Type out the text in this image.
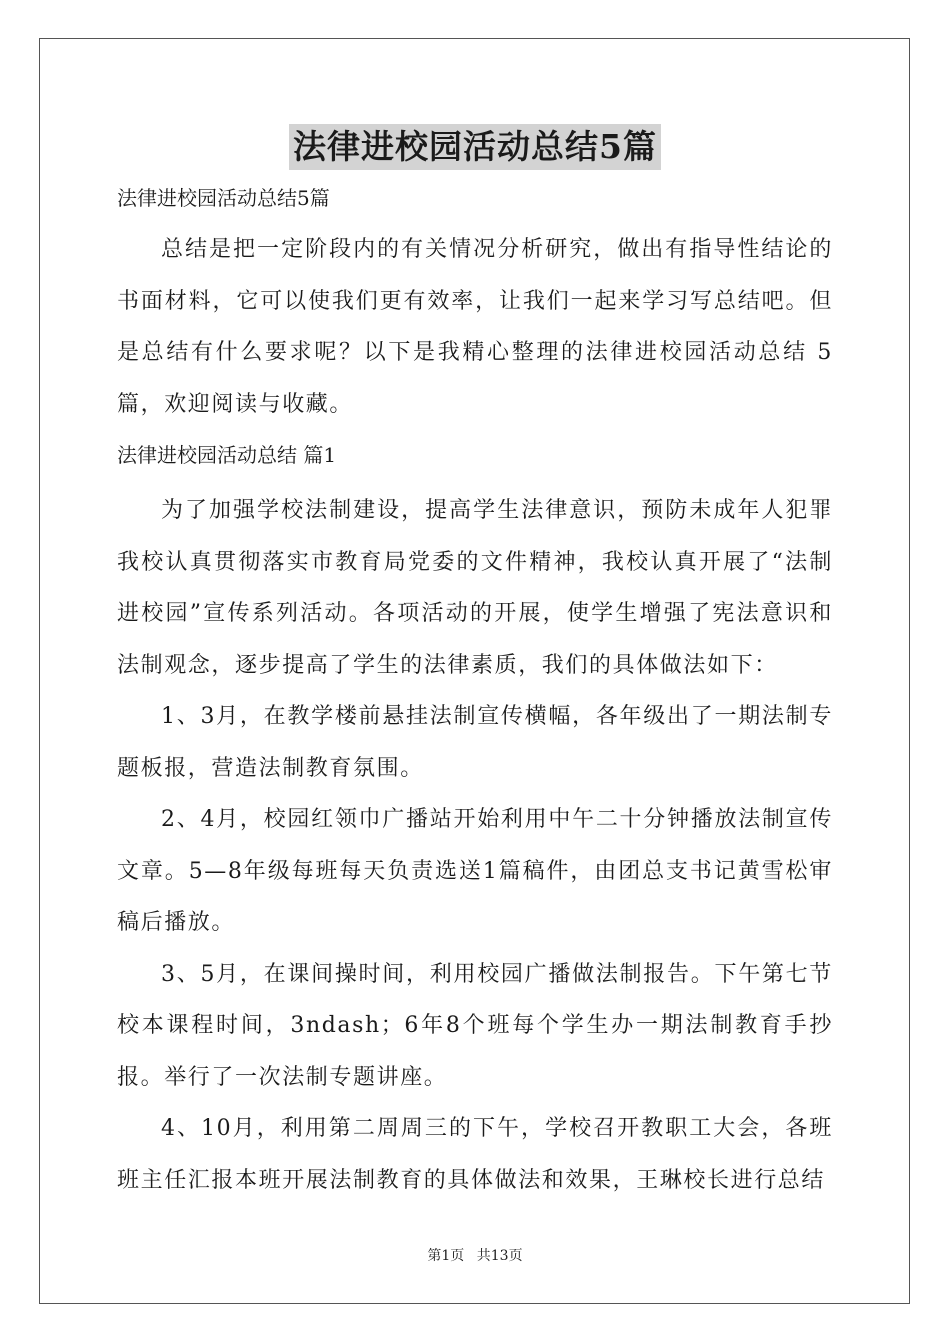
法律进校园活动总结5篇

法律进校园活动总结5篇

总结是把一定阶段内的有关情况分析研究，做出有指导性结论的书面材料，它可以使我们更有效率，让我们一起来学习写总结吧。但是总结有什么要求呢？以下是我精心整理的法律进校园活动总结 5篇，欢迎阅读与收藏。

法律进校园活动总结 篇1

为了加强学校法制建设，提高学生法律意识，预防未成年人犯罪我校认真贯彻落实市教育局党委的文件精神，我校认真开展了“法制进校园”宣传系列活动。各项活动的开展，使学生增强了宪法意识和法制观念，逐步提高了学生的法律素质，我们的具体做法如下：

1、3月，在教学楼前悬挂法制宣传横幅，各年级出了一期法制专题板报，营造法制教育氛围。

2、4月，校园红领巾广播站开始利用中午二十分钟播放法制宣传文章。5—8年级每班每天负责选送1篇稿件，由团总支书记黄雪松审稿后播放。

3、5月，在课间操时间，利用校园广播做法制报告。下午第七节校本课程时间，3ndash；6年8个班每个学生办一期法制教育手抄报。举行了一次法制专题讲座。

4、10月，利用第二周周三的下午，学校召开教职工大会，各班班主任汇报本班开展法制教育的具体做法和效果，王琳校长进行总结

第1页 共13页
